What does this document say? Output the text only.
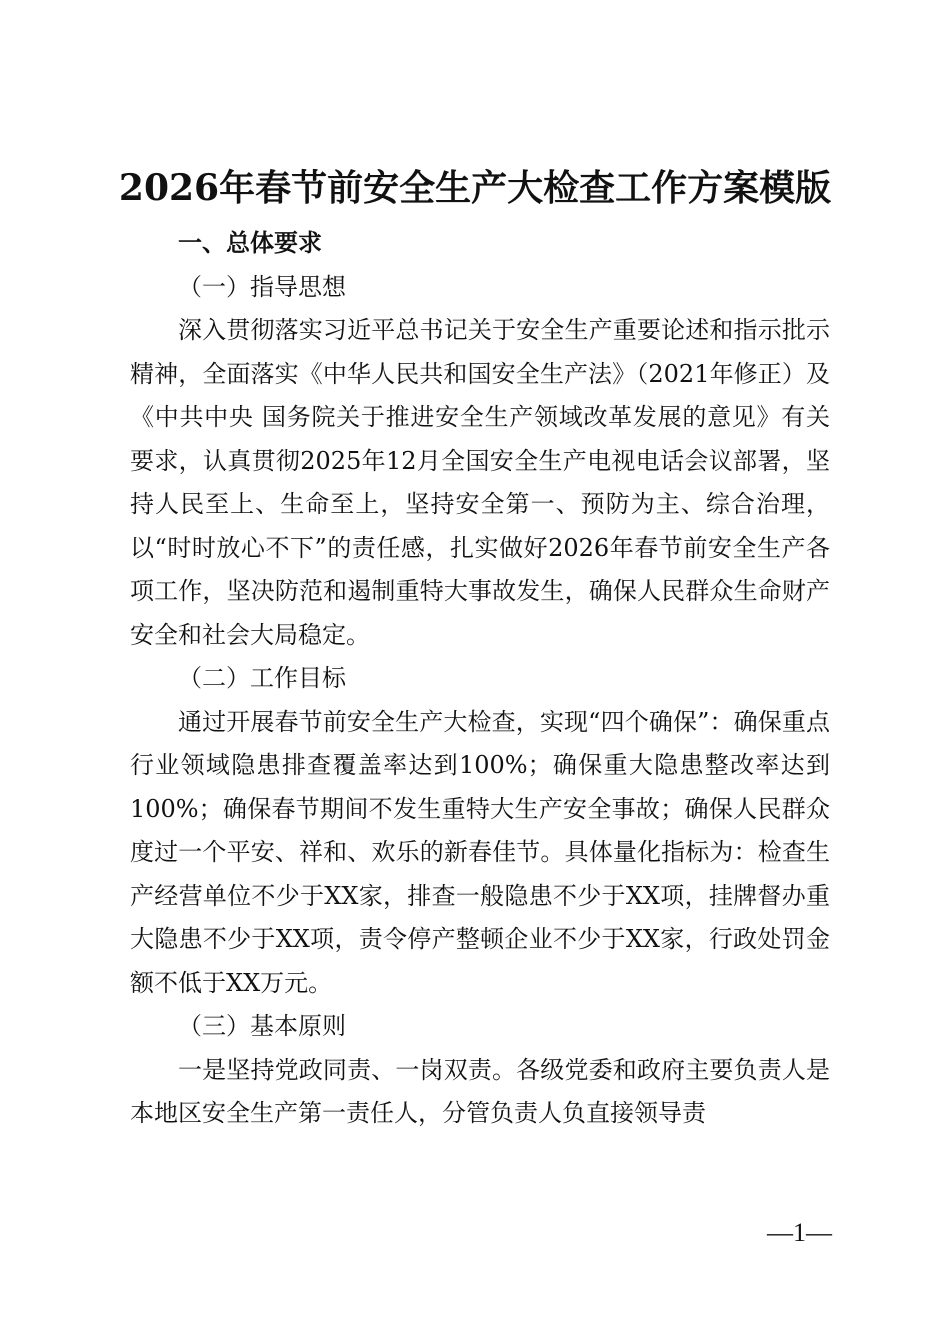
2026年春节前安全生产大检查工作方案模版

一、总体要求

（一）指导思想

深入贯彻落实习近平总书记关于安全生产重要论述和指示批示精神，全面落实《中华人民共和国安全生产法》（2021年修正）及《中共中央 国务院关于推进安全生产领域改革发展的意见》有关要求，认真贯彻2025年12月全国安全生产电视电话会议部署，坚持人民至上、生命至上，坚持安全第一、预防为主、综合治理，以“时时放心不下”的责任感，扎实做好2026年春节前安全生产各项工作，坚决防范和遏制重特大事故发生，确保人民群众生命财产安全和社会大局稳定。

（二）工作目标

通过开展春节前安全生产大检查，实现“四个确保”：确保重点行业领域隐患排查覆盖率达到100%；确保重大隐患整改率达到100%；确保春节期间不发生重特大生产安全事故；确保人民群众度过一个平安、祥和、欢乐的新春佳节。具体量化指标为：检查生产经营单位不少于XX家，排查一般隐患不少于XX项，挂牌督办重大隐患不少于XX项，责令停产整顿企业不少于XX家，行政处罚金额不低于XX万元。

（三）基本原则

一是坚持党政同责、一岗双责。各级党委和政府主要负责人是本地区安全生产第一责任人，分管负责人负直接领导责

—1—
